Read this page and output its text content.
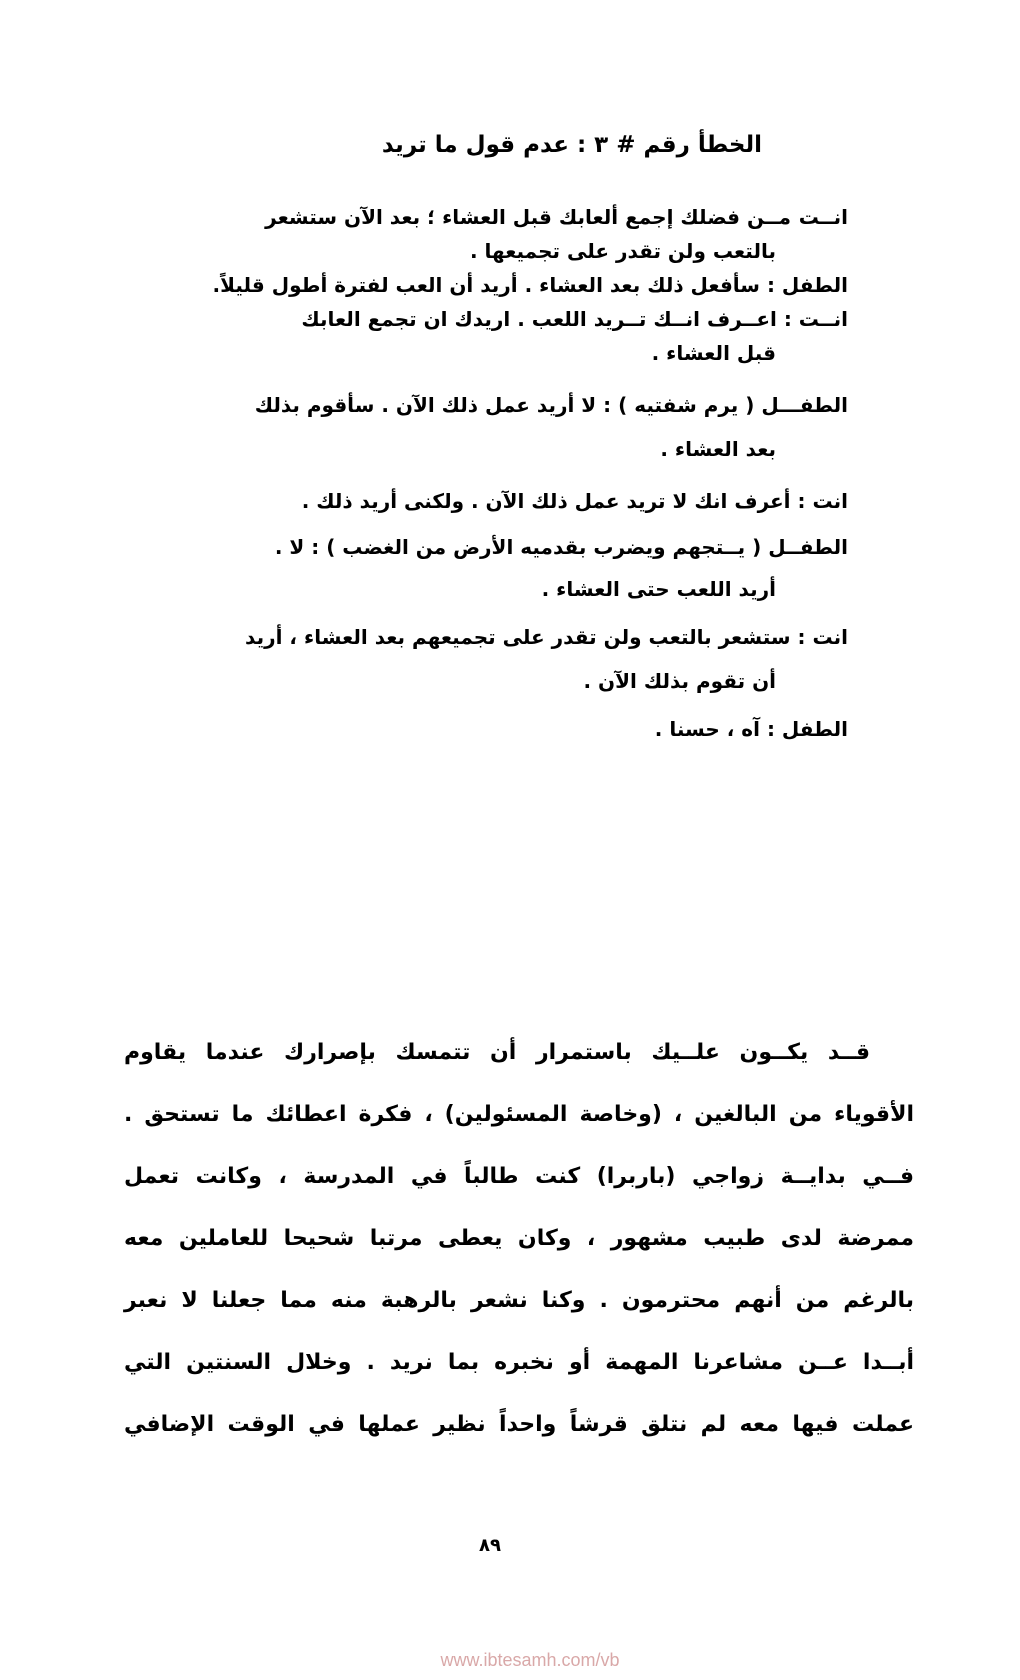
الخطأ رقم # ٣ : عدم قول ما تريد

انــت مــن فضلك إجمع ألعابك قبل العشاء ؛ بعد الآن ستشعر
بالتعب ولن تقدر على تجميعها .

الطفل : سأفعل ذلك بعد العشاء . أريد أن العب لفترة أطول قليلاً.

انــت : اعــرف انــك تــريد اللعب . اريدك ان تجمع العابك
قبل العشاء .

الطفـــل ( يرم شفتيه ) : لا أريد عمل ذلك الآن . سأقوم بذلك
بعد العشاء .

انت : أعرف انك لا تريد عمل ذلك الآن . ولكنى أريد ذلك .

الطفــل ( يــتجهم ويضرب بقدميه الأرض من الغضب ) : لا .
أريد اللعب حتى العشاء .

انت : ستشعر بالتعب ولن تقدر على تجميعهم بعد العشاء ، أريد
أن تقوم بذلك الآن .

الطفل : آه ، حسنا .

قــد يكــون علــيك باستمرار أن تتمسك بإصرارك عندما يقاوم
الأقوياء من البالغين ، (وخاصة المسئولين) ، فكرة اعطائك ما تستحق .
فــي بدايــة زواجي (باربرا) كنت طالباً في المدرسة ، وكانت تعمل
ممرضة لدى طبيب مشهور ، وكان يعطى مرتبا شحيحا للعاملين معه
بالرغم من أنهم محترمون . وكنا نشعر بالرهبة منه مما جعلنا لا نعبر
أبــدا عــن مشاعرنا المهمة أو نخبره بما نريد . وخلال السنتين التي
عملت فيها معه لم نتلق قرشاً واحداً نظير عملها في الوقت الإضافي
٨٩
www.ibtesamh.com/vb
